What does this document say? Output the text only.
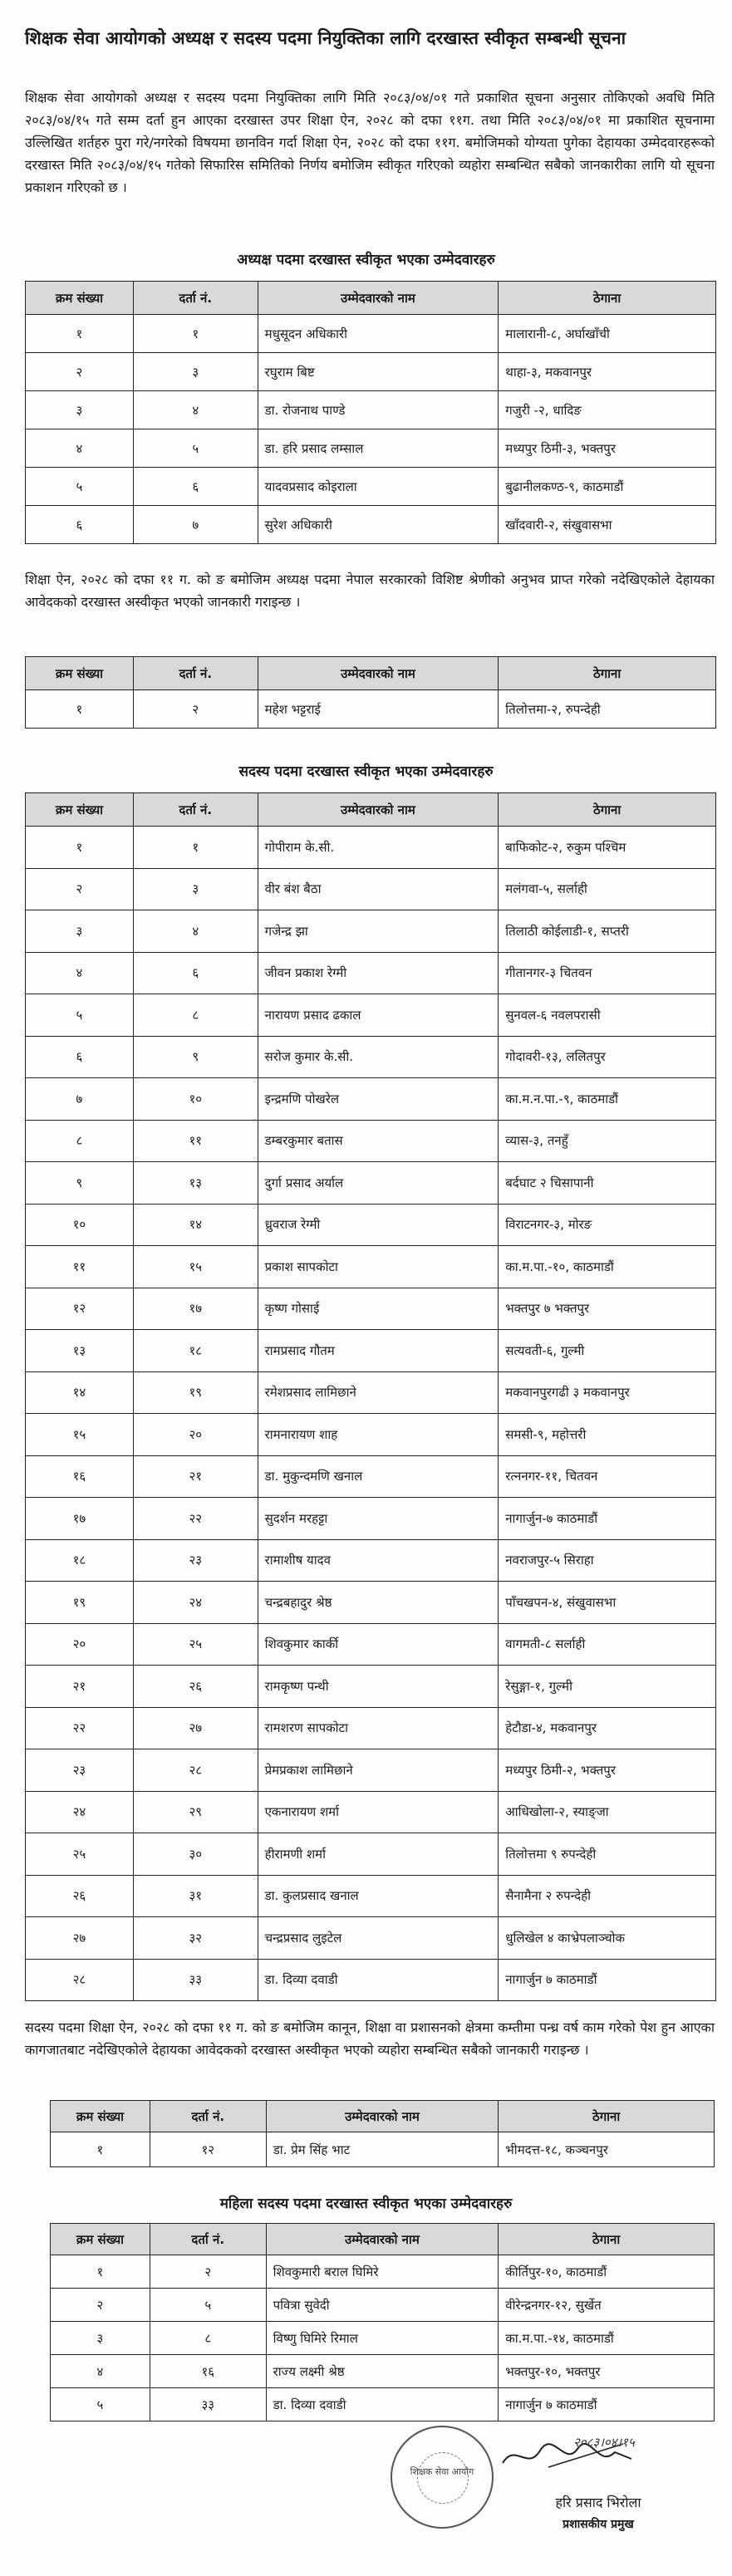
शिक्षक सेवा आयोगको अध्यक्ष र सदस्य पदमा नियुक्तिका लागि दरखास्त स्वीकृत सम्बन्धी सूचना
शिक्षक सेवा आयोगको अध्यक्ष र सदस्य पदमा नियुक्तिका लागि मिति २०८३/०४/०१ गते प्रकाशित सूचना अनुसार तोकिएको अवधि मिति २०८३/०४/१५ गते सम्म दर्ता हुन आएका दरखास्त उपर शिक्षा ऐन, २०२८ को दफा ११ग. तथा मिति २०८३/०४/०१ मा प्रकाशित सूचनामा उल्लिखित शर्तहरु पुरा गरे/नगरेको विषयमा छानविन गर्दा शिक्षा ऐन, २०२८ को दफा ११ग. बमोजिमको योग्यता पुगेका देहायका उम्मेदवारहरूको दरखास्त मिति २०८३/०४/१५ गतेको सिफारिस समितिको निर्णय बमोजिम स्वीकृत गरिएको व्यहोरा सम्बन्धित सबैको जानकारीका लागि यो सूचना प्रकाशन गरिएको छ ।
अध्यक्ष पदमा दरखास्त स्वीकृत भएका उम्मेदवारहरु
क्रम संख्या	दर्ता नं.	उम्मेदवारको नाम	ठेगाना
१	१	मधुसूदन अधिकारी	मालारानी-८, अर्घाखाँची
२	३	रघुराम बिष्ट	थाहा-३, मकवानपुर
३	४	डा. रोजनाथ पाण्डे	गजुरी -२, धादिङ
४	५	डा. हरि प्रसाद लम्साल	मध्यपुर ठिमी-३, भक्तपुर
५	६	यादवप्रसाद कोइराला	बुढानीलकण्ठ-९, काठमाडौं
६	७	सुरेश अधिकारी	खाँदवारी-२, संखुवासभा
शिक्षा ऐन, २०२८ को दफा ११ ग. को ङ बमोजिम अध्यक्ष पदमा नेपाल सरकारको विशिष्ट श्रेणीको अनुभव प्राप्त गरेको नदेखिएकोले देहायका आवेदकको दरखास्त अस्वीकृत भएको जानकारी गराइन्छ ।
क्रम संख्या	दर्ता नं.	उम्मेदवारको नाम	ठेगाना
१	२	महेश भट्टराई	तिलोत्तमा-२, रुपन्देही
सदस्य पदमा दरखास्त स्वीकृत भएका उम्मेदवारहरु
क्रम संख्या	दर्ता नं.	उम्मेदवारको नाम	ठेगाना
१	१	गोपीराम के.सी.	बाफिकोट-२, रुकुम पश्चिम
२	३	वीर बंश बैठा	मलंगवा-५, सर्लाही
३	४	गजेन्द्र झा	तिलाठी कोईलाडी-१, सप्तरी
४	६	जीवन प्रकाश रेग्मी	गीतानगर-३ चितवन
५	८	नारायण प्रसाद ढकाल	सुनवल-६ नवलपरासी
६	९	सरोज कुमार के.सी.	गोदावरी-१३, ललितपुर
७	१०	इन्द्रमणि पोखरेल	का.म.न.पा.-९, काठमाडौं
८	११	डम्बरकुमार बतास	व्यास-३, तनहुँ
९	१३	दुर्गा प्रसाद अर्याल	बर्दघाट २ चिसापानी
१०	१४	ध्रुवराज रेग्मी	विराटनगर-३, मोरङ
११	१५	प्रकाश सापकोटा	का.म.पा.-१०, काठमाडौं
१२	१७	कृष्ण गोसाई	भक्तपुर ७ भक्तपुर
१३	१८	रामप्रसाद गौतम	सत्यवती-६, गुल्मी
१४	१९	रमेशप्रसाद लामिछाने	मकवानपुरगढी ३ मकवानपुर
१५	२०	रामनारायण शाह	समसी-९, महोत्तरी
१६	२१	डा. मुकुन्दमणि खनाल	रत्ननगर-११, चितवन
१७	२२	सुदर्शन मरहट्टा	नागार्जुन-७ काठमाडौं
१८	२३	रामाशीष यादव	नवराजपुर-५ सिराहा
१९	२४	चन्द्रबहादुर श्रेष्ठ	पाँचखपन-४, संखुवासभा
२०	२५	शिवकुमार कार्की	वागमती-८ सर्लाही
२१	२६	रामकृष्ण पन्थी	रेसुङ्गा-१, गुल्मी
२२	२७	रामशरण सापकोटा	हेटौडा-४, मकवानपुर
२३	२८	प्रेमप्रकाश लामिछाने	मध्यपुर ठिमी-२, भक्तपुर
२४	२९	एकनारायण शर्मा	आधिखोला-२, स्याङ्जा
२५	३०	हीरामणी शर्मा	तिलोत्तमा ९ रुपन्देही
२६	३१	डा. कुलप्रसाद खनाल	सैनामैना २ रुपन्देही
२७	३२	चन्द्रप्रसाद लुइटेल	धुलिखेल ४ काभ्रेपलाञ्चोक
२८	३३	डा. दिव्या दवाडी	नागार्जुन ७ काठमाडौं
सदस्य पदमा शिक्षा ऐन, २०२८ को दफा ११ ग. को ङ बमोजिम कानून, शिक्षा वा प्रशासनको क्षेत्रमा कम्तीमा पन्ध्र वर्ष काम गरेको पेश हुन आएका कागजातबाट नदेखिएकोले देहायका आवेदकको दरखास्त अस्वीकृत भएको व्यहोरा सम्बन्धित सबैको जानकारी गराइन्छ ।
क्रम संख्या	दर्ता नं.	उम्मेदवारको नाम	ठेगाना
१	१२	डा. प्रेम सिंह भाट	भीमदत्त-१८, कञ्चनपुर
महिला सदस्य पदमा दरखास्त स्वीकृत भएका उम्मेदवारहरु
क्रम संख्या	दर्ता नं.	उम्मेदवारको नाम	ठेगाना
१	२	शिवकुमारी बराल घिमिरे	कीर्तिपुर-१०, काठमाडौं
२	५	पवित्रा सुवेदी	वीरेन्द्रनगर-१२, सुर्खेत
३	८	विष्णु घिमिरे रिमाल	का.म.पा.-१४, काठमाडौं
४	१६	राज्य लक्ष्मी श्रेष्ठ	भक्तपुर-१०, भक्तपुर
५	३३	डा. दिव्या दवाडी	नागार्जुन ७ काठमाडौं
शिक्षक सेवा आयोग
२०८३।०४।१५
हरि प्रसाद भिरोला
प्रशासकीय प्रमुख
